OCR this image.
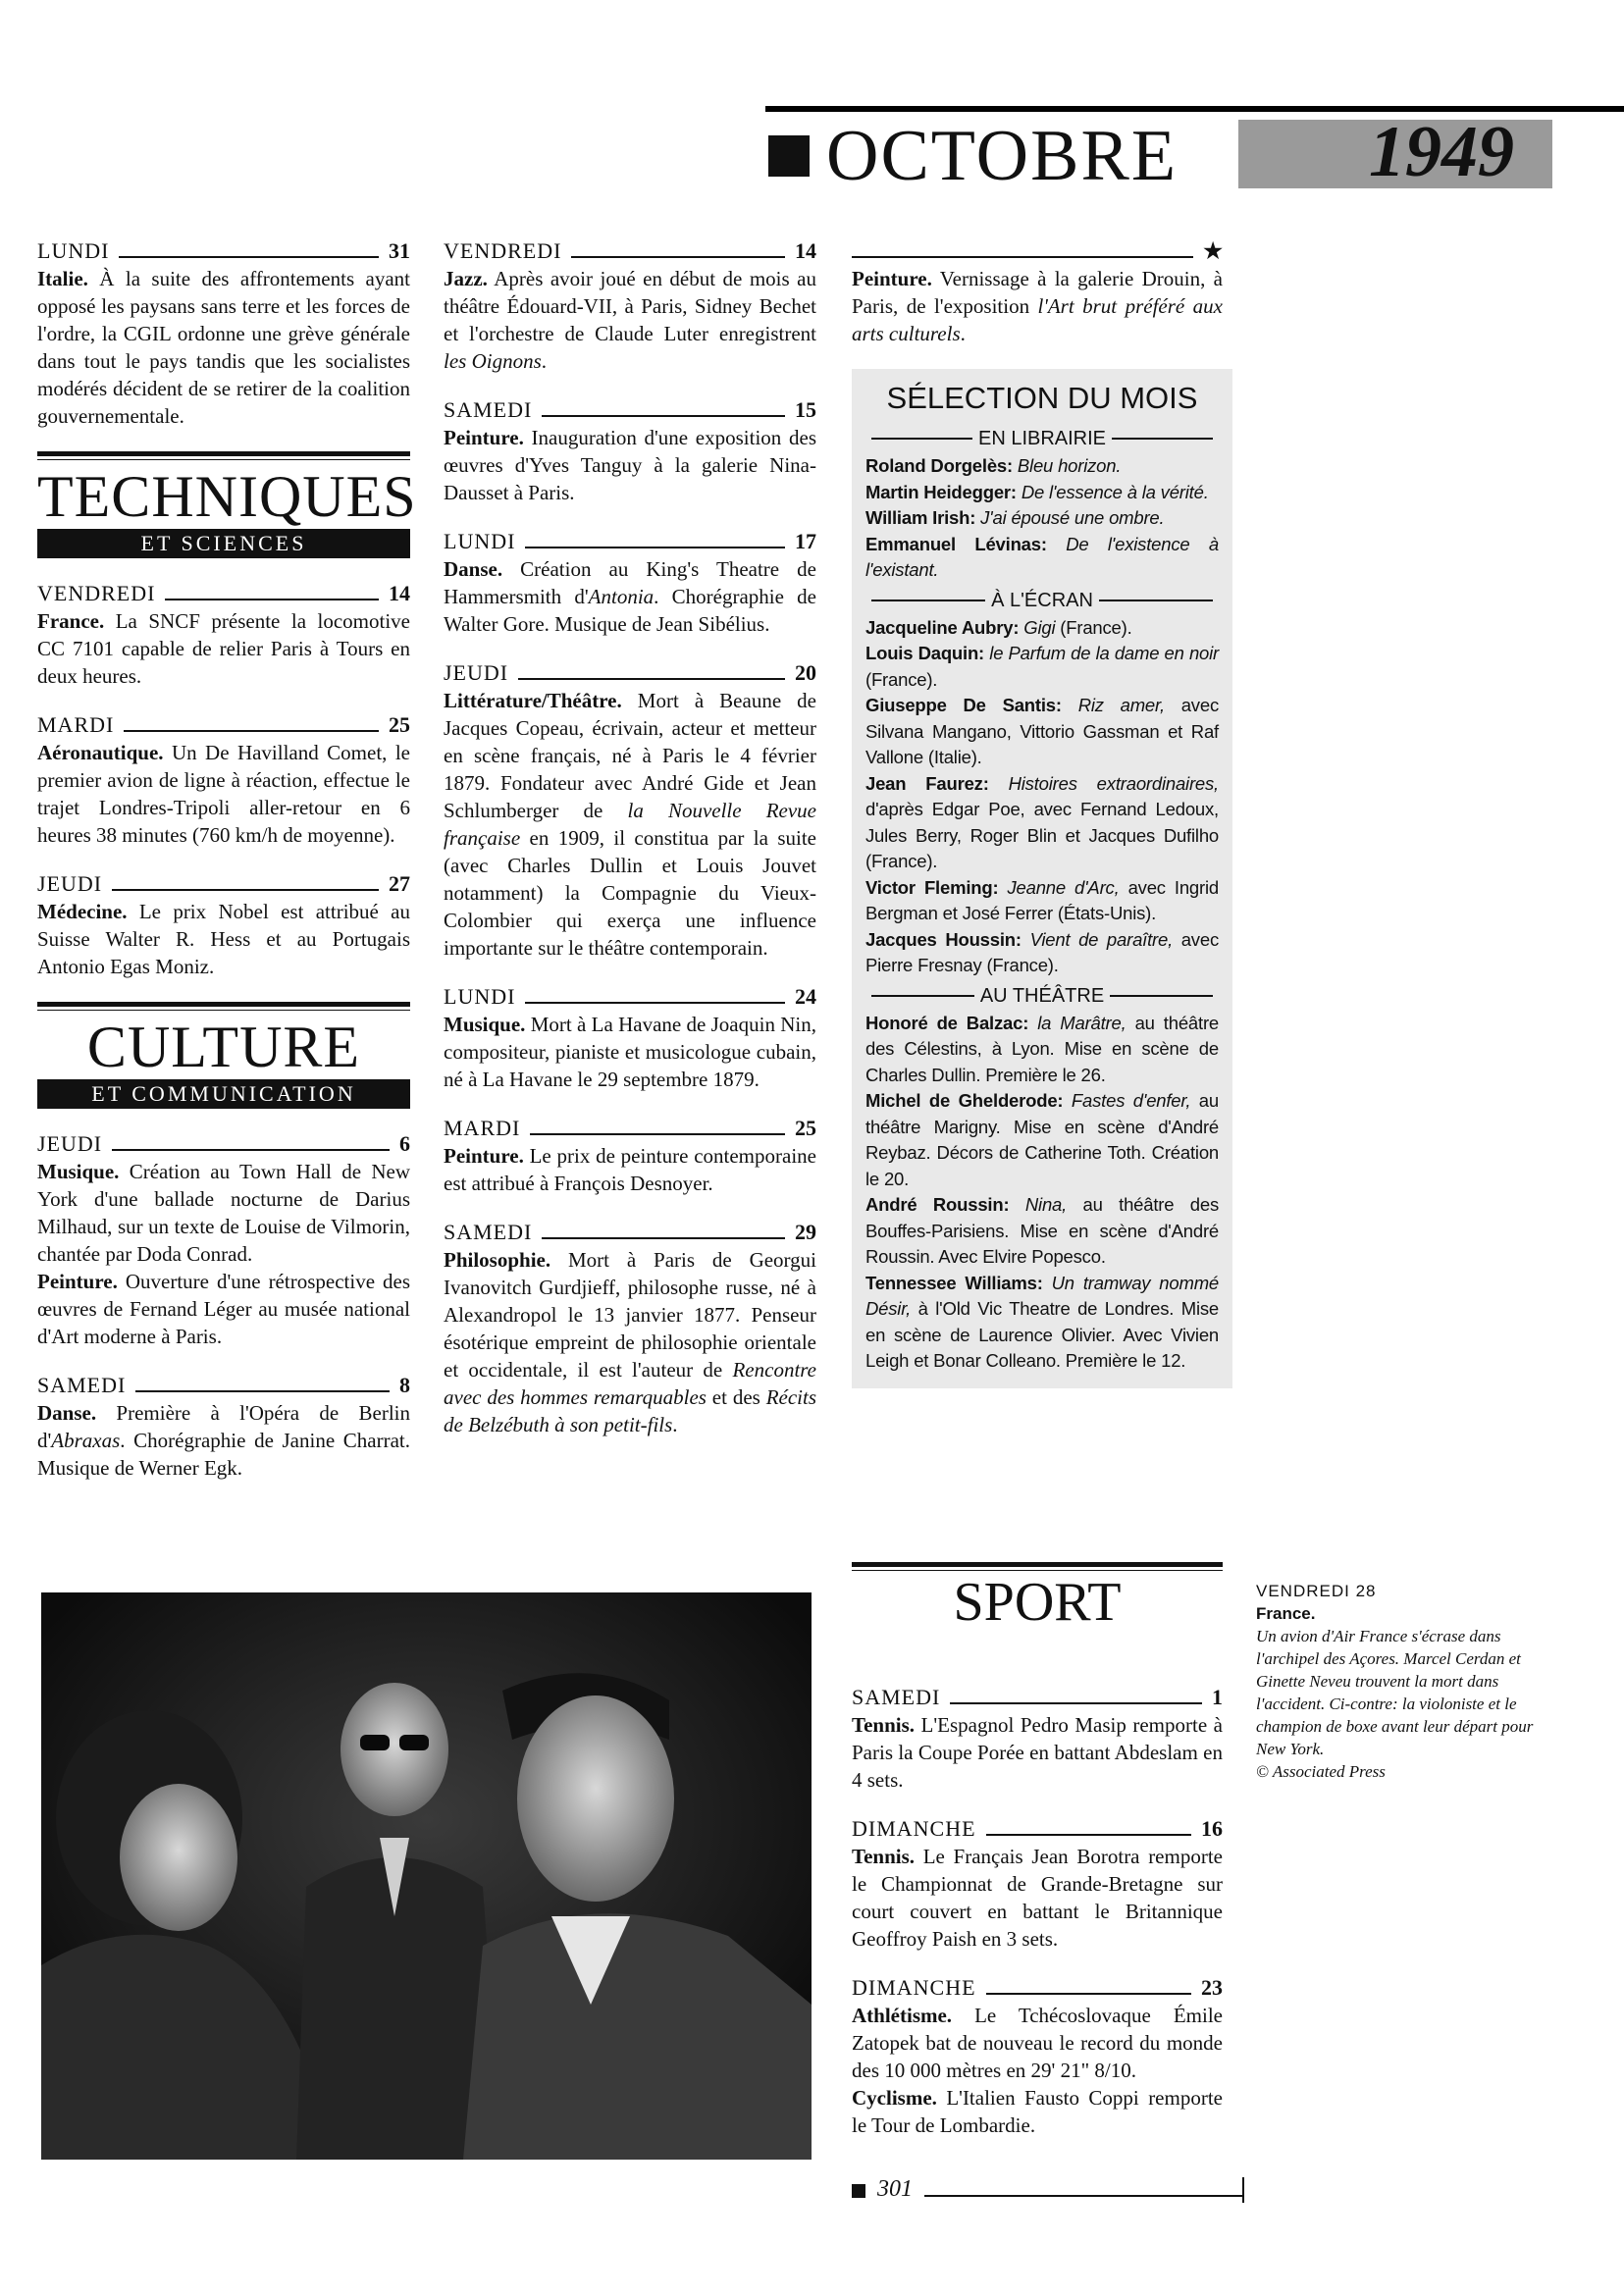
OCTOBRE	1949
LUNDI	31
Italie. À la suite des affrontements ayant opposé les paysans sans terre et les forces de l'ordre, la CGIL ordonne une grève générale dans tout le pays tandis que les socialistes modérés décident de se retirer de la coalition gouvernementale.
TECHNIQUES
ET SCIENCES
VENDREDI	14
France. La SNCF présente la locomotive CC 7101 capable de relier Paris à Tours en deux heures.
MARDI	25
Aéronautique. Un De Havilland Comet, le premier avion de ligne à réaction, effectue le trajet Londres-Tripoli aller-retour en 6 heures 38 minutes (760 km/h de moyenne).
JEUDI	27
Médecine. Le prix Nobel est attribué au Suisse Walter R. Hess et au Portugais Antonio Egas Moniz.
CULTURE
ET COMMUNICATION
JEUDI	6
Musique. Création au Town Hall de New York d'une ballade nocturne de Darius Milhaud, sur un texte de Louise de Vilmorin, chantée par Doda Conrad.
Peinture. Ouverture d'une rétrospective des œuvres de Fernand Léger au musée national d'Art moderne à Paris.
SAMEDI	8
Danse. Première à l'Opéra de Berlin d'Abraxas. Chorégraphie de Janine Charrat. Musique de Werner Egk.
VENDREDI	14
Jazz. Après avoir joué en début de mois au théâtre Édouard-VII, à Paris, Sidney Bechet et l'orchestre de Claude Luter enregistrent les Oignons.
SAMEDI	15
Peinture. Inauguration d'une exposition des œuvres d'Yves Tanguy à la galerie Nina-Dausset à Paris.
LUNDI	17
Danse. Création au King's Theatre de Hammersmith d'Antonia. Chorégraphie de Walter Gore. Musique de Jean Sibélius.
JEUDI	20
Littérature/Théâtre. Mort à Beaune de Jacques Copeau, écrivain, acteur et metteur en scène français, né à Paris le 4 février 1879. Fondateur avec André Gide et Jean Schlumberger de la Nouvelle Revue française en 1909, il constitua par la suite (avec Charles Dullin et Louis Jouvet notamment) la Compagnie du Vieux-Colombier qui exerça une influence importante sur le théâtre contemporain.
LUNDI	24
Musique. Mort à La Havane de Joaquin Nin, compositeur, pianiste et musicologue cubain, né à La Havane le 29 septembre 1879.
MARDI	25
Peinture. Le prix de peinture contemporaine est attribué à François Desnoyer.
SAMEDI	29
Philosophie. Mort à Paris de Georgui Ivanovitch Gurdjieff, philosophe russe, né à Alexandropol le 13 janvier 1877. Penseur ésotérique empreint de philosophie orientale et occidentale, il est l'auteur de Rencontre avec des hommes remarquables et des Récits de Belzébuth à son petit-fils.
★
Peinture. Vernissage à la galerie Drouin, à Paris, de l'exposition l'Art brut préféré aux arts culturels.
SÉLECTION DU MOIS
EN LIBRAIRIE
Roland Dorgelès: Bleu horizon.
Martin Heidegger: De l'essence à la vérité.
William Irish: J'ai épousé une ombre.
Emmanuel Lévinas: De l'existence à l'existant.
À L'ÉCRAN
Jacqueline Aubry: Gigi (France).
Louis Daquin: le Parfum de la dame en noir (France).
Giuseppe De Santis: Riz amer, avec Silvana Mangano, Vittorio Gassman et Raf Vallone (Italie).
Jean Faurez: Histoires extraordinaires, d'après Edgar Poe, avec Fernand Ledoux, Jules Berry, Roger Blin et Jacques Dufilho (France).
Victor Fleming: Jeanne d'Arc, avec Ingrid Bergman et José Ferrer (États-Unis).
Jacques Houssin: Vient de paraître, avec Pierre Fresnay (France).
AU THÉÂTRE
Honoré de Balzac: la Marâtre, au théâtre des Célestins, à Lyon. Mise en scène de Charles Dullin. Première le 26.
Michel de Ghelderode: Fastes d'enfer, au théâtre Marigny. Mise en scène d'André Reybaz. Décors de Catherine Toth. Création le 20.
André Roussin: Nina, au théâtre des Bouffes-Parisiens. Mise en scène d'André Roussin. Avec Elvire Popesco.
Tennessee Williams: Un tramway nommé Désir, à l'Old Vic Theatre de Londres. Mise en scène de Laurence Olivier. Avec Vivien Leigh et Bonar Colleano. Première le 12.
SPORT
SAMEDI	1
Tennis. L'Espagnol Pedro Masip remporte à Paris la Coupe Porée en battant Abdeslam en 4 sets.
DIMANCHE	16
Tennis. Le Français Jean Borotra remporte le Championnat de Grande-Bretagne sur court couvert en battant le Britannique Geoffroy Paish en 3 sets.
DIMANCHE	23
Athlétisme. Le Tchécoslovaque Émile Zatopek bat de nouveau le record du monde des 10 000 mètres en 29' 21" 8/10.
Cyclisme. L'Italien Fausto Coppi remporte le Tour de Lombardie.
VENDREDI 28
France.
Un avion d'Air France s'écrase dans l'archipel des Açores. Marcel Cerdan et Ginette Neveu trouvent la mort dans l'accident. Ci-contre: la violoniste et le champion de boxe avant leur départ pour New York.
© Associated Press
301
